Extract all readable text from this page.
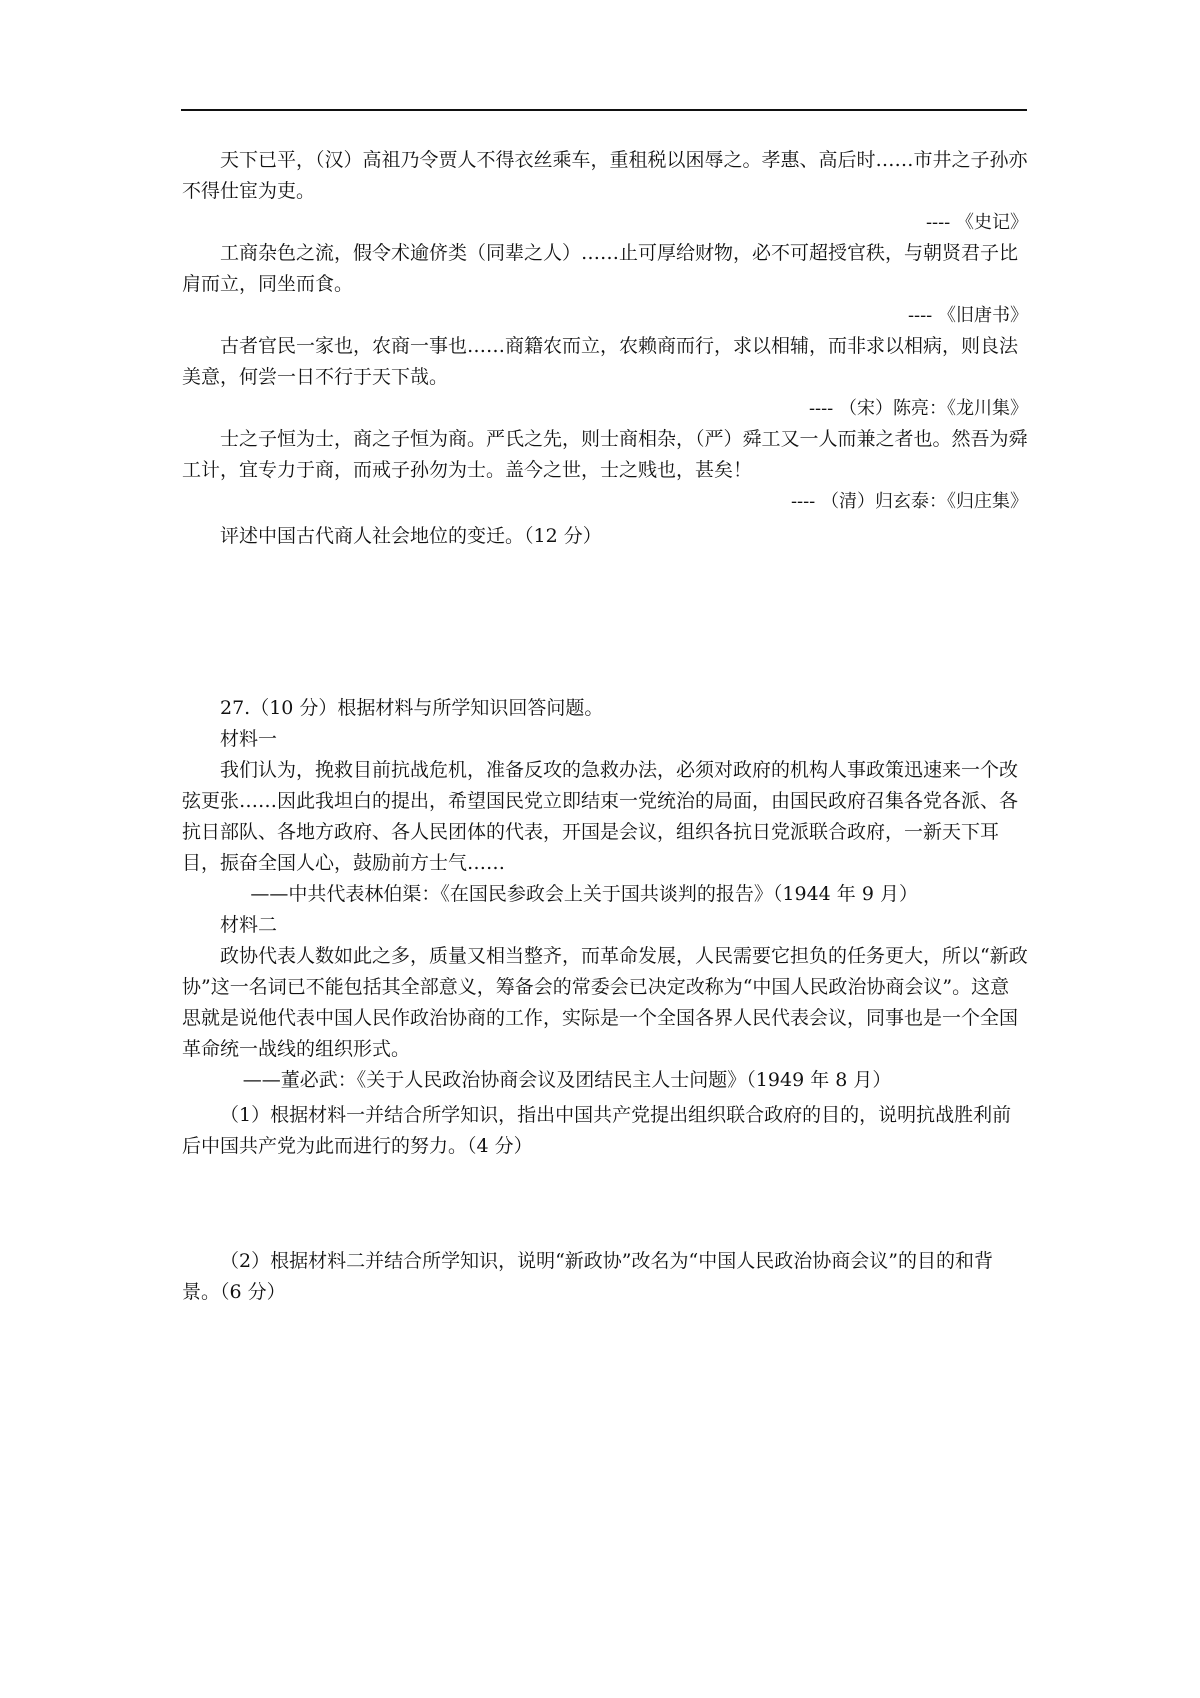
天下已平，（汉）高祖乃令贾人不得衣丝乘车，重租税以困辱之。孝惠、高后时……市井之子孙亦不得仕宦为吏。

---- 《史记》

工商杂色之流，假令术逾侪类（同辈之人）……止可厚给财物，必不可超授官秩，与朝贤君子比肩而立，同坐而食。

---- 《旧唐书》

古者官民一家也，农商一事也……商籍农而立，农赖商而行，求以相辅，而非求以相病，则良法美意，何尝一日不行于天下哉。

---- （宋）陈亮：《龙川集》

士之子恒为士，商之子恒为商。严氏之先，则士商相杂，（严）舜工又一人而兼之者也。然吾为舜工计，宜专力于商，而戒子孙勿为士。盖今之世，士之贱也，甚矣！

---- （清）归玄泰：《归庄集》

评述中国古代商人社会地位的变迁。（12 分）

27.（10 分）根据材料与所学知识回答问题。

材料一

我们认为，挽救目前抗战危机，准备反攻的急救办法，必须对政府的机构人事政策迅速来一个改弦更张……因此我坦白的提出，希望国民党立即结束一党统治的局面，由国民政府召集各党各派、各抗日部队、各地方政府、各人民团体的代表，开国是会议，组织各抗日党派联合政府，一新天下耳目，振奋全国人心，鼓励前方士气……

——中共代表林伯渠：《在国民参政会上关于国共谈判的报告》（1944 年 9 月）

材料二

政协代表人数如此之多，质量又相当整齐，而革命发展，人民需要它担负的任务更大，所以“新政协”这一名词已不能包括其全部意义，筹备会的常委会已决定改称为“中国人民政治协商会议”。这意思就是说他代表中国人民作政治协商的工作，实际是一个全国各界人民代表会议，同事也是一个全国革命统一战线的组织形式。

——董必武：《关于人民政治协商会议及团结民主人士问题》（1949 年 8 月）

（1）根据材料一并结合所学知识，指出中国共产党提出组织联合政府的目的，说明抗战胜利前后中国共产党为此而进行的努力。（4 分）

（2）根据材料二并结合所学知识，说明“新政协”改名为“中国人民政治协商会议”的目的和背景。（6 分）
